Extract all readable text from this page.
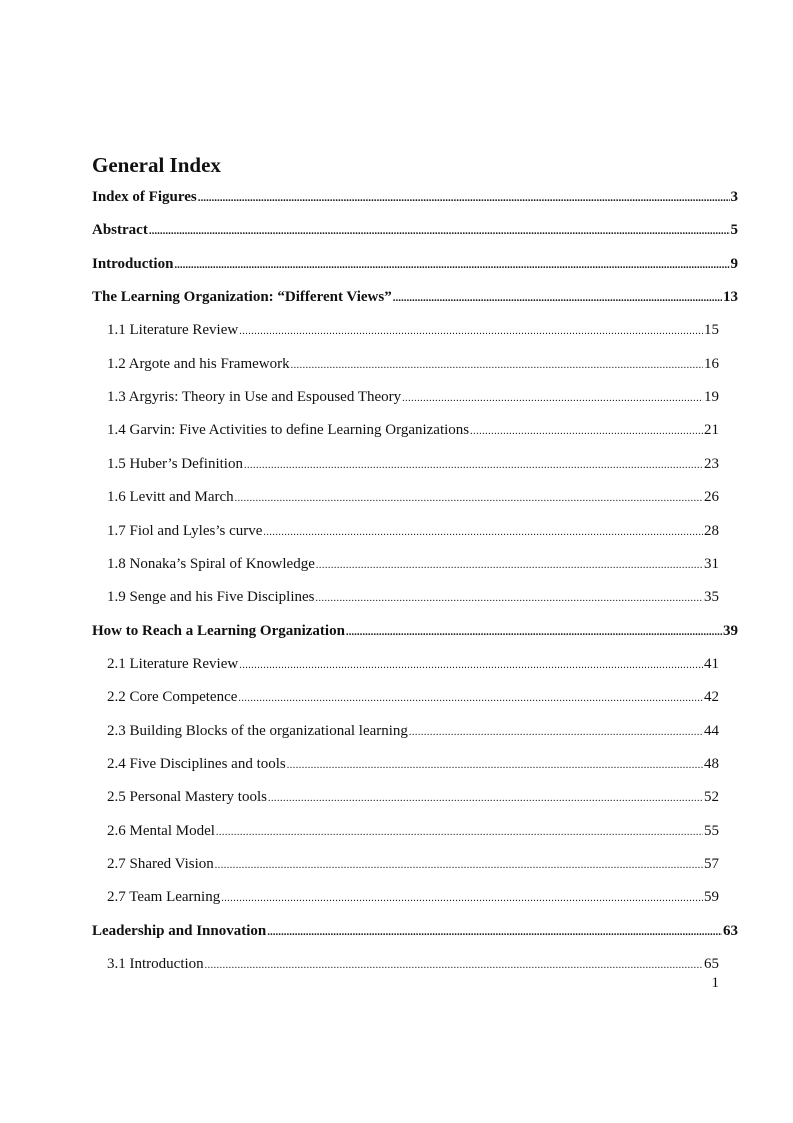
General Index
Index of Figures .....	3
Abstract .....	5
Introduction .....	9
The Learning Organization: “Different Views” .....	13
1.1 Literature Review .....	15
1.2 Argote and his Framework .....	16
1.3 Argyris: Theory in Use and Espoused Theory .....	19
1.4 Garvin: Five Activities to define Learning Organizations .....	21
1.5 Huber’s Definition .....	23
1.6 Levitt and March .....	26
1.7 Fiol and Lyles’s curve .....	28
1.8 Nonaka’s Spiral of Knowledge .....	31
1.9 Senge and his Five Disciplines .....	35
How to Reach a Learning Organization .....	39
2.1 Literature Review .....	41
2.2 Core Competence .....	42
2.3 Building Blocks of the organizational learning .....	44
2.4 Five Disciplines and tools .....	48
2.5 Personal Mastery tools .....	52
2.6 Mental Model .....	55
2.7 Shared Vision .....	57
2.7 Team Learning .....	59
Leadership and Innovation .....	63
3.1 Introduction .....	65
1
